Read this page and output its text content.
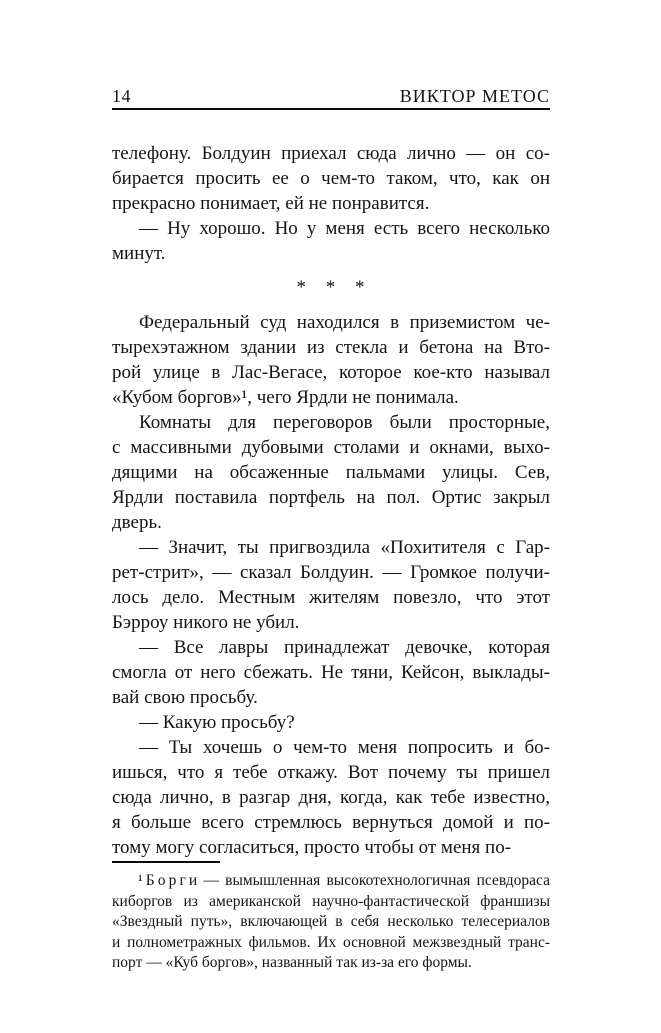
14	ВИКТОР МЕТОС
телефону. Болдуин приехал сюда лично — он со-
бирается просить ее о чем-то таком, что, как он
прекрасно понимает, ей не понравится.
— Ну хорошо. Но у меня есть всего несколько
минут.
* * *
Федеральный суд находился в приземистом че-
тырехэтажном здании из стекла и бетона на Вто-
рой улице в Лас-Вегасе, которое кое-кто называл
«Кубом боргов»¹, чего Ярдли не понимала.
Комнаты для переговоров были просторные,
с массивными дубовыми столами и окнами, выхо-
дящими на обсаженные пальмами улицы. Сев,
Ярдли поставила портфель на пол. Ортис закрыл
дверь.
— Значит, ты пригвоздила «Похитителя с Гар-
рет-стрит», — сказал Болдуин. — Громкое получи-
лось дело. Местным жителям повезло, что этот
Бэрроу никого не убил.
— Все лавры принадлежат девочке, которая
смогла от него сбежать. Не тяни, Кейсон, выклады-
вай свою просьбу.
— Какую просьбу?
— Ты хочешь о чем-то меня попросить и бо-
ишься, что я тебе откажу. Вот почему ты пришел
сюда лично, в разгар дня, когда, как тебе известно,
я больше всего стремлюсь вернуться домой и по-
тому могу согласиться, просто чтобы от меня по-
¹ Б о р г и — вымышленная высокотехнологичная псевдораса
киборгов из американской научно-фантастической франшизы
«Звездный путь», включающей в себя несколько телесериалов
и полнометражных фильмов. Их основной межзвездный транс-
порт — «Куб боргов», названный так из-за его формы.
